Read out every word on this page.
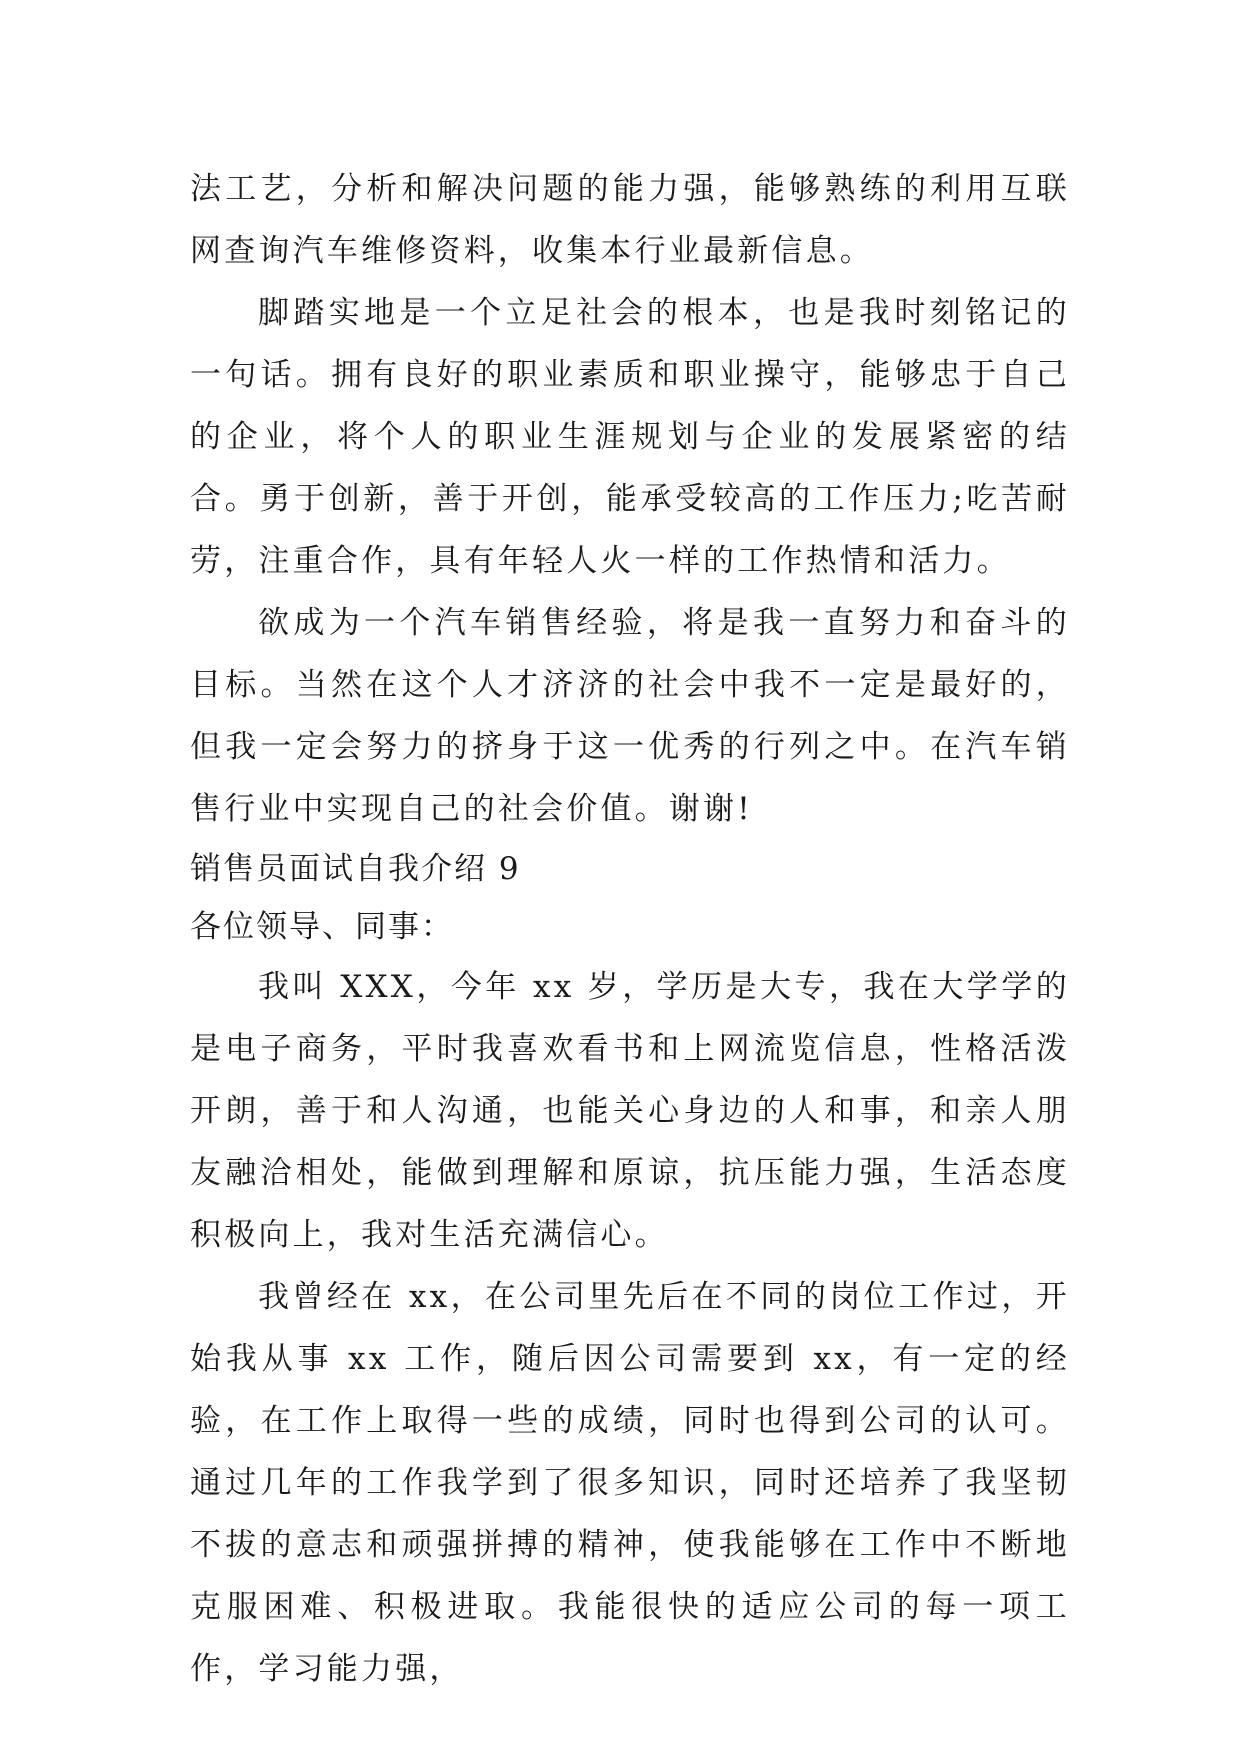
法工艺，分析和解决问题的能力强，能够熟练的利用互联网查询汽车维修资料，收集本行业最新信息。

脚踏实地是一个立足社会的根本，也是我时刻铭记的一句话。拥有良好的职业素质和职业操守，能够忠于自己的企业，将个人的职业生涯规划与企业的发展紧密的结合。勇于创新，善于开创，能承受较高的工作压力;吃苦耐劳，注重合作，具有年轻人火一样的工作热情和活力。

欲成为一个汽车销售经验，将是我一直努力和奋斗的目标。当然在这个人才济济的社会中我不一定是最好的，但我一定会努力的挤身于这一优秀的行列之中。在汽车销售行业中实现自己的社会价值。谢谢!

销售员面试自我介绍 9

各位领导、同事：

我叫 XXX，今年 xx 岁，学历是大专，我在大学学的是电子商务，平时我喜欢看书和上网流览信息，性格活泼开朗，善于和人沟通，也能关心身边的人和事，和亲人朋友融洽相处，能做到理解和原谅，抗压能力强，生活态度积极向上，我对生活充满信心。

我曾经在 xx，在公司里先后在不同的岗位工作过，开始我从事 xx 工作，随后因公司需要到 xx，有一定的经验，在工作上取得一些的成绩，同时也得到公司的认可。通过几年的工作我学到了很多知识，同时还培养了我坚韧不拔的意志和顽强拼搏的精神，使我能够在工作中不断地克服困难、积极进取。我能很快的适应公司的每一项工作，学习能力强，
